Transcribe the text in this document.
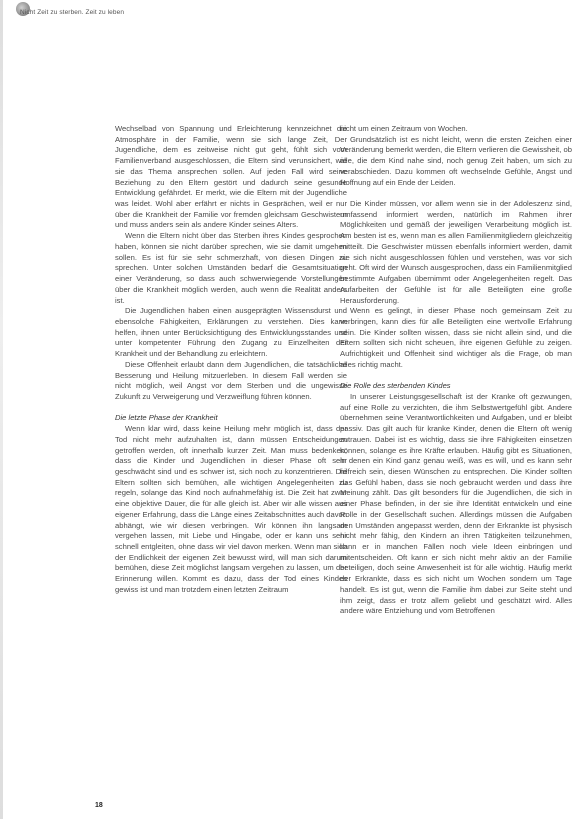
Nicht Zeit zu sterben. Zeit zu leben

Wechselbad von Spannung und Erleichterung kennzeichnet die Atmosphäre in der Familie, wenn sie sich lange Zeit, Der Jugendliche, dem es zeitweise nicht gut geht, fühlt sich vom Familienverband ausgeschlossen, die Eltern sind verunsichert, wie sie das Thema ansprechen sollen. Auf jeden Fall wird seine Beziehung zu den Eltern gestört und dadurch seine gesunde Entwicklung gefährdet. Er merkt, wie die Eltern mit der Jugendliche was leidet. Wohl aber erfährt er nichts in Gesprächen, weil er nur über die Krankheit der Familie vor fremden gleichsam Geschwistern und muss anders sein als andere Kinder seines Alters.

Wenn die Eltern nicht über das Sterben ihres Kindes gesprochen haben, können sie nicht darüber sprechen, wie sie damit umgehen sollen. Es ist für sie sehr schmerzhaft, von diesen Dingen zu sprechen. Unter solchen Umständen bedarf die Gesamtsituation einer Veränderung, so dass auch schwerwiegende Vorstellungen über die Krankheit möglich werden, auch wenn die Realität anders ist.

Die Jugendlichen haben einen ausgeprägten Wissensdurst und ebensolche Fähigkeiten, Erklärungen zu verstehen. Dies kann helfen, ihnen unter Berücksichtigung des Entwicklungsstandes und unter kompetenter Führung den Zugang zu Einzelheiten der Krankheit und der Behandlung zu erleichtern.

Diese Offenheit erlaubt dann dem Jugendlichen, die tatsächliche Besserung und Heilung mitzuerleben. In diesem Fall werden sie nicht möglich, weil Angst vor dem Sterben und die ungewisse Zukunft zu Verweigerung und Verzweiflung führen können.

Die letzte Phase der Krankheit

Wenn klar wird, dass keine Heilung mehr möglich ist, dass der Tod nicht mehr aufzuhalten ist, dann müssen Entscheidungen getroffen werden, oft innerhalb kurzer Zeit. Man muss bedenken, dass die Kinder und Jugendlichen in dieser Phase oft sehr geschwächt sind und es schwer ist, sich noch zu konzentrieren. Die Eltern sollten sich bemühen, alle wichtigen Angelegenheiten zu regeln, solange das Kind noch aufnahmefähig ist. Die Zeit hat zwar eine objektive Dauer, die für alle gleich ist. Aber wir alle wissen aus eigener Erfahrung, dass die Länge eines Zeitabschnittes auch davon abhängt, wie wir diesen verbringen. Wir können ihn langsam vergehen lassen, mit Liebe und Hingabe, oder er kann uns sehr schnell entgleiten, ohne dass wir viel davon merken. Wenn man sich der Endlichkeit der eigenen Zeit bewusst wird, will man sich darum bemühen, diese Zeit möglichst langsam vergehen zu lassen, um der Erinnerung willen. Kommt es dazu, dass der Tod eines Kindes gewiss ist und man trotzdem einen letzten Zeitraum

nicht um einen Zeitraum von Wochen.

Grundsätzlich ist es nicht leicht, wenn die ersten Zeichen einer Veränderung bemerkt werden, die Eltern verlieren die Gewissheit, ob alle, die dem Kind nahe sind, noch genug Zeit haben, um sich zu verabschieden. Dazu kommen oft wechselnde Gefühle, Angst und Hoffnung auf ein Ende der Leiden.

Die Kinder müssen, vor allem wenn sie in der Adoleszenz sind, umfassend informiert werden, natürlich im Rahmen ihrer Möglichkeiten und gemäß der jeweiligen Verarbeitung möglich ist. Am besten ist es, wenn man es allen Familienmitgliedern gleichzeitig mitteilt. Die Geschwister müssen ebenfalls informiert werden, damit sie sich nicht ausgeschlossen fühlen und verstehen, was vor sich geht. Oft wird der Wunsch ausgesprochen, dass ein Familienmitglied bestimmte Aufgaben übernimmt oder Angelegenheiten regelt. Das Aufarbeiten der Gefühle ist für alle Beteiligten eine große Herausforderung.

Wenn es gelingt, in dieser Phase noch gemeinsam Zeit zu verbringen, kann dies für alle Beteiligten eine wertvolle Erfahrung sein. Die Kinder sollten wissen, dass sie nicht allein sind, und die Eltern sollten sich nicht scheuen, ihre eigenen Gefühle zu zeigen. Aufrichtigkeit und Offenheit sind wichtiger als die Frage, ob man alles richtig macht.

Die Rolle des sterbenden Kindes

In unserer Leistungsgesellschaft ist der Kranke oft gezwungen, auf eine Rolle zu verzichten, die ihm Selbstwertgefühl gibt. Andere übernehmen seine Verantwortlichkeiten und Aufgaben, und er bleibt passiv. Das gilt auch für kranke Kinder, denen die Eltern oft wenig zutrauen. Dabei ist es wichtig, dass sie ihre Fähigkeiten einsetzen können, solange es ihre Kräfte erlauben. Häufig gibt es Situationen, in denen ein Kind ganz genau weiß, was es will, und es kann sehr hilfreich sein, diesen Wünschen zu entsprechen. Die Kinder sollten das Gefühl haben, dass sie noch gebraucht werden und dass ihre Meinung zählt. Das gilt besonders für die Jugendlichen, die sich in einer Phase befinden, in der sie ihre Identität entwickeln und eine Rolle in der Gesellschaft suchen. Allerdings müssen die Aufgaben den Umständen angepasst werden, denn der Erkrankte ist physisch nicht mehr fähig, den Kindern an ihren Tätigkeiten teilzunehmen, kann er in manchen Fällen noch viele Ideen einbringen und mitentscheiden. Oft kann er sich nicht mehr aktiv an der Familie beteiligen, doch seine Anwesenheit ist für alle wichtig. Häufig merkt der Erkrankte, dass es sich nicht um Wochen sondern um Tage handelt. Es ist gut, wenn die Familie ihm dabei zur Seite steht und ihm zeigt, dass er trotz allem geliebt und geschätzt wird. Alles andere wäre Entziehung und vom Betroffenen

18
